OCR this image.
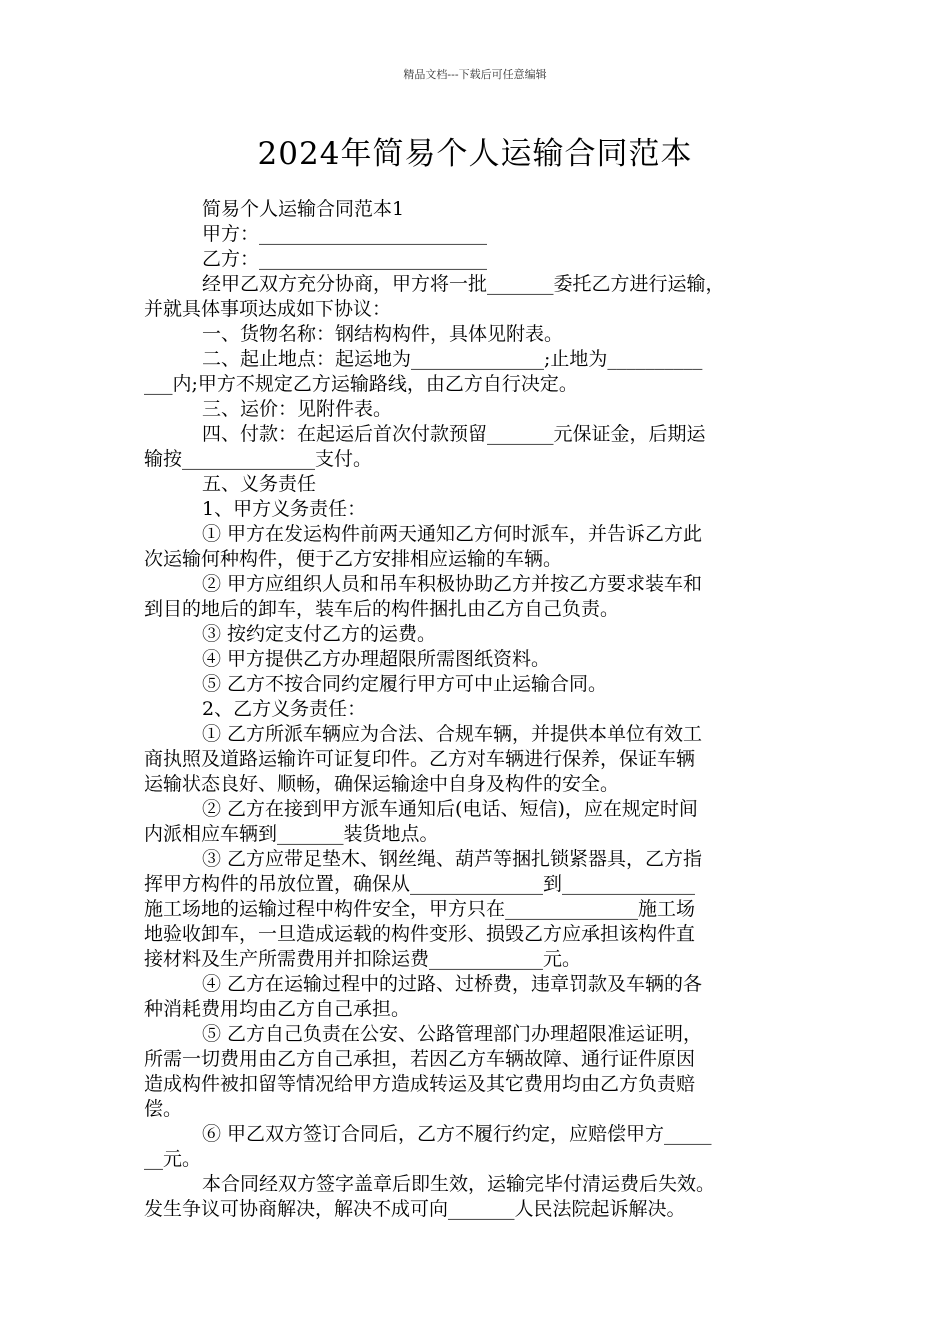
精品文档---下载后可任意编辑
2024年简易个人运输合同范本
简易个人运输合同范本1
甲方：________________________
乙方：________________________
经甲乙双方充分协商，甲方将一批_______委托乙方进行运输，
并就具体事项达成如下协议：
一、货物名称：钢结构构件，具体见附表。
二、起止地点：起运地为______________;止地为__________
___内;甲方不规定乙方运输路线，由乙方自行决定。
三、运价：见附件表。
四、付款：在起运后首次付款预留_______元保证金，后期运
输按______________支付。
五、义务责任
1、甲方义务责任：
① 甲方在发运构件前两天通知乙方何时派车，并告诉乙方此
次运输何种构件，便于乙方安排相应运输的车辆。
② 甲方应组织人员和吊车积极协助乙方并按乙方要求装车和
到目的地后的卸车，装车后的构件捆扎由乙方自己负责。
③ 按约定支付乙方的运费。
④ 甲方提供乙方办理超限所需图纸资料。
⑤ 乙方不按合同约定履行甲方可中止运输合同。
2、乙方义务责任：
① 乙方所派车辆应为合法、合规车辆，并提供本单位有效工
商执照及道路运输许可证复印件。乙方对车辆进行保养，保证车辆
运输状态良好、顺畅，确保运输途中自身及构件的安全。
② 乙方在接到甲方派车通知后(电话、短信)，应在规定时间
内派相应车辆到_______装货地点。
③ 乙方应带足垫木、钢丝绳、葫芦等捆扎锁紧器具，乙方指
挥甲方构件的吊放位置，确保从______________到______________
施工场地的运输过程中构件安全，甲方只在______________施工场
地验收卸车，一旦造成运载的构件变形、损毁乙方应承担该构件直
接材料及生产所需费用并扣除运费____________元。
④ 乙方在运输过程中的过路、过桥费，违章罚款及车辆的各
种消耗费用均由乙方自己承担。
⑤ 乙方自己负责在公安、公路管理部门办理超限准运证明，
所需一切费用由乙方自己承担，若因乙方车辆故障、通行证件原因
造成构件被扣留等情况给甲方造成转运及其它费用均由乙方负责赔
偿。
⑥ 甲乙双方签订合同后，乙方不履行约定，应赔偿甲方_____
__元。
本合同经双方签字盖章后即生效，运输完毕付清运费后失效。
发生争议可协商解决，解决不成可向_______人民法院起诉解决。
